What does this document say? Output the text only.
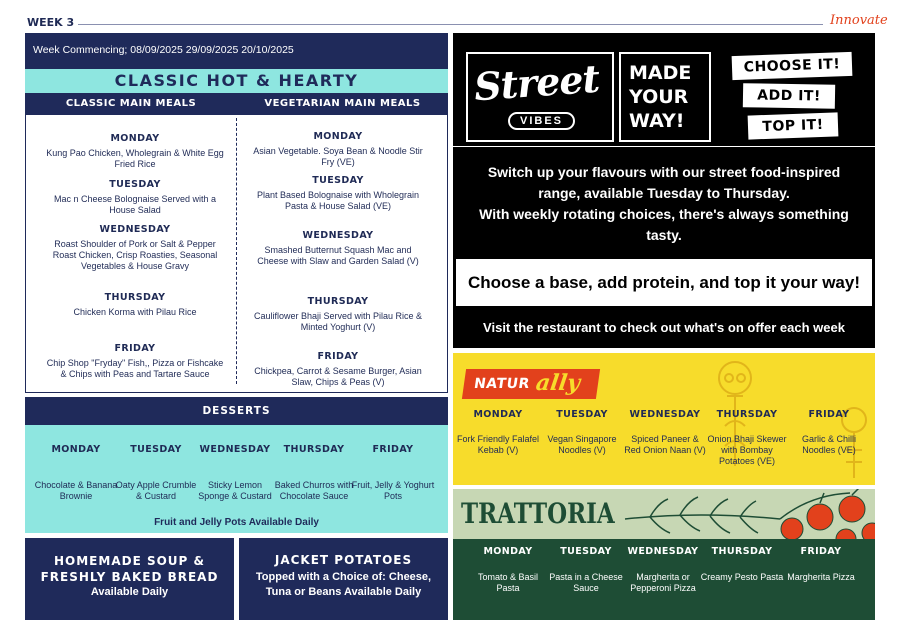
WEEK 3	Innovate
Week Commencing; 08/09/2025 29/09/2025 20/10/2025
CLASSIC HOT & HEARTY
CLASSIC MAIN MEALS	VEGETARIAN MAIN MEALS
MONDAY
Kung Pao Chicken, Wholegrain & White Egg Fried Rice
TUESDAY
Mac n Cheese Bolognaise Served with a House Salad
WEDNESDAY
Roast Shoulder of Pork or Salt & Pepper Roast Chicken, Crisp Roasties, Seasonal Vegetables & House Gravy
THURSDAY
Chicken Korma with Pilau Rice
FRIDAY
Chip Shop "Fryday" Fish,, Pizza or Fishcake & Chips with Peas and Tartare Sauce
MONDAY
Asian Vegetable. Soya Bean & Noodle Stir Fry (VE)
TUESDAY
Plant Based Bolognaise with Wholegrain Pasta & House Salad (VE)
WEDNESDAY
Smashed Butternut Squash Mac and Cheese with Slaw and Garden Salad (V)
THURSDAY
Cauliflower Bhaji Served with Pilau Rice & Minted Yoghurt (V)
FRIDAY
Chickpea, Carrot & Sesame Burger, Asian Slaw, Chips & Peas (V)
DESSERTS
MONDAY
Chocolate & Banana Brownie
TUESDAY
Oaty Apple Crumble & Custard
WEDNESDAY
Sticky Lemon Sponge & Custard
THURSDAY
Baked Churros with Chocolate Sauce
FRIDAY
Fruit, Jelly & Yoghurt Pots
Fruit and Jelly Pots Available Daily
HOMEMADE SOUP & FRESHLY BAKED BREAD
Available Daily
JACKET POTATOES
Topped with a Choice of: Cheese, Tuna or Beans Available Daily
Street
VIBES
MADE
YOUR
WAY!
CHOOSE IT!
ADD IT!
TOP IT!
Switch up your flavours with our street food-inspired range, available Tuesday to Thursday.
With weekly rotating choices, there's always something tasty.
Choose a base, add protein, and top it your way!
Visit the restaurant to check out what's on offer each week
NATUR ally
MONDAY
Fork Friendly Falafel Kebab (V)
TUESDAY
Vegan Singapore Noodles (V)
WEDNESDAY
Spiced Paneer & Red Onion Naan (V)
THURSDAY
Onion Bhaji Skewer with Bombay Potatoes (VE)
FRIDAY
Garlic & Chilli Noodles (VE)
TRATTORIA
MONDAY
Tomato & Basil Pasta
TUESDAY
Pasta in a Cheese Sauce
WEDNESDAY
Margherita or Pepperoni Pizza
THURSDAY
Creamy Pesto Pasta
FRIDAY
Margherita Pizza
